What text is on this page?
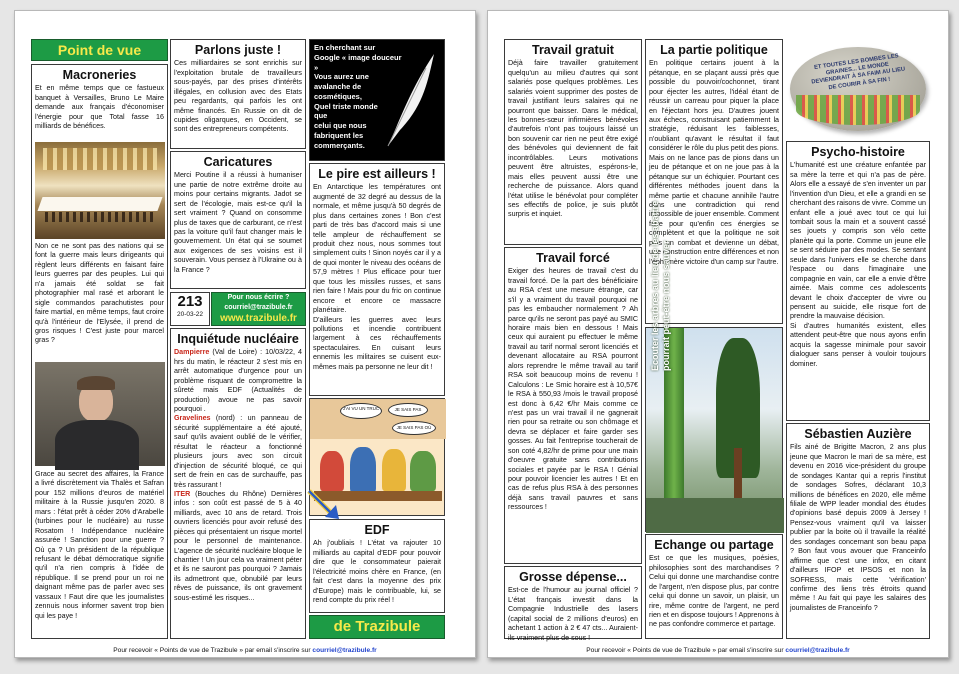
Point de vue
Macroneries
Et en même temps que ce fastueux banquet à Versailles, Bruno Le Maire demande aux français d'économiser l'énergie pour que Total fasse 16 milliards de bénéfices.
Non ce ne sont pas des nations qui se font la guerre mais leurs dirigeants qui règlent leurs différents en faisant faire leurs guerres par des peuples. Lui qui n'a jamais été soldat se fait photographier mal rasé et arborant le sigle commandos parachutistes pour faire martial, en même temps, faut croire qu'à l'intérieur de l'Elysée, il prend de gros risques ! C'est juste pour marcel gras ?
Grace au secret des affaires, la France a livré discrètement via Thalès et Safran pour 152 millions d'euros de matériel militaire à la Russie jusqu'en 2020. 8 mars : l'état prêt à céder 20% d'Arabelle (turbines pour le nucléaire) au russe Rosatom ! Indépendance nucléaire assurée ! Sanction pour une guerre ? Où ça ? Un président de la république refusant le débat démocratique signifie qu'il n'a rien compris à l'idée de république. Il se prend pour un roi ne daignant même pas de parler avec ses vassaux ! Faut dire que les journalistes zennuis nous informer savent trop bien qui les paye !
Parlons juste !
Ces milliardaires se sont enrichis sur l'exploitation brutale de travailleurs sous-payés, par des prises d'intérêts illégales, en collusion avec des Etats peu regardants, qui parfois les ont même financés. En Russie on dit de cupides oligarques, en Occident, se sont des entrepreneurs compétents.
En cherchant sur Google « image douceur »
Vous aurez une avalanche de cosmétiques,
Quel triste monde
que
celui que nous fabriquent les commerçants.
Caricatures
Merci Poutine il a réussi à humaniser une partie de notre extrême droite au moins pour certains migrants. Jadot se sert de l'écologie, mais est-ce qu'il la sert vraiment ? Quand on consomme plus de taxes que de carburant, ce n'est pas la voiture qu'il faut changer mais le gouvernement. Un état qui se soumet aux exigences de ses voisins est il souverain. Vous pensez à l'Ukraine ou à la France ?
Le pire est ailleurs !
En Antarctique les températures ont augmenté de 32 degré au dessus de la normale, et même jusqu'à 50 degrés de plus dans certaines zones ! Bon c'est parti de très bas d'accord mais si une telle ampleur de réchauffement se produit chez nous, nous sommes tout simplement cuits ! Sinon noyés car il y a de quoi monter le niveau des océans de 57,9 mètres ! Plus efficace pour tuer que tous les missiles russes, et sans rien faire ! Mais pour du fric on continue encore et encore ce massacre planétaire.
D'ailleurs les guerres avec leurs pollutions et incendie contribuent largement à ces réchauffements spectaculaires. En cuisant leurs ennemis les militaires se cuisent eux-mêmes mais pa personne ne leur dit !
213
20-03-22
Pour nous écrire ?
courriel@trazibule.fr
www.trazibule.fr
Inquiétude nucléaire
Dampierre (Val de Loire) : 10/03/22, 4 hrs du matin, le réacteur 2 s'est mis en arrêt automatique d'urgence pour un problème risquant de compromettre la sûreté mais EDF (Actualités de production) avoue ne pas savoir pourquoi .
Gravelines (nord) : un panneau de sécurité supplémentaire a été ajouté, sauf qu'ils avaient oublié de le vérifier, résultat le réacteur a fonctionné plusieurs jours avec son circuit d'injection de sécurité bloqué, ce qui sert de frein en cas de surchauffe, pas très rassurant !
ITER (Bouches du Rhône) Dernières infos : son coût est passé de 5 à 40 milliards, avec 10 ans de retard. Trois ouvriers licenciés pour avoir refusé des pièces qui présentaient un risque mortel pour le personnel de maintenance. L'agence de sécurité nucléaire bloque le chantier ! Un jour cela va vraiment péter et ils ne sauront pas pourquoi ? Jamais ils admettront que, obnubilé par leurs rêves de puissance, ils ont gravement sous-estimé les risques...
J'AI VU UN TRUC	JE SAIS PAS
JE SAIS PAS OÙ
EDF
Ah j'oubliais ! L'état va rajouter 10 milliards au capital d'EDF pour pouvoir dire que le consommateur paierait l'électricité moins chère en France, (en fait c'est dans la moyenne des prix d'Europe) mais le contribuable, lui, se rend compte du prix réel !
de Trazibule
Pour recevoir « Points de vue de Trazibule » par email s'inscrire sur courriel@trazibule.fr
Travail gratuit
Déjà faire travailler gratuitement quelqu'un au milieu d'autres qui sont salariés pose quelques problèmes. Les salariés voient supprimer des postes de travail justifiant leurs salaires qui ne pourront que baisser. Dans le médical, les bonnes-sœur infirmières bénévoles d'autrefois n'ont pas toujours laissé un bon souvenir car rien ne peut être exigé des bénévoles qui deviennent de fait incontrôlables. Leurs motivations peuvent être altruistes, espérons-le, mais elles peuvent aussi être une recherche de puissance. Alors quand l'état utilise le bénévolat pour compléter ses effectifs de police, je suis plutôt surpris et inquiet.
Travail forcé
Exiger des heures de travail c'est du travail forcé. De la part des bénéficiaire au RSA c'est une mesure étrange, car s'il y a vraiment du travail pourquoi ne pas les embaucher normalement ? Ah parce qu'ils ne seront pas payé au SMIC horaire mais bien en dessous ! Mais ceux qui auraient pu effectuer le même travail au tarif normal seront licenciés et devenant allocataire au RSA pourront alors reprendre le même travail au tarif RSA soit beaucoup moins de revenu ! Calculons : Le Smic horaire est à 10,57€ le RSA à 550,93 /mois le travail proposé est donc à 6,42 €/hr Mais comme ce n'est pas un vrai travail il ne gagnerait rien pour sa retraite ou son chômage et devra se déplacer et faire garder ses gosses. Au fait l'entreprise toucherait de son coté 4,82/hr de prime pour une main d'oeuvre gratuite sans contributions sociales et payée par le RSA ! Génial pour pouvoir licencier les autres ! Et en cas de refus plus RSA à des personnes déjà sans travail pauvres et sans ressources !
Grosse dépense...
Est-ce de l'humour au journal officiel ? L'état français investit dans la Compagnie Industrielle des lasers (capital social de 2 millions d'euros) en achetant 1 action à 2 € 47 cts... Auraient-ils vraiment plus de sous !
La partie politique
En politique certains jouent à la pétanque, en se plaçant aussi près que possible du pouvoir/cochonnet, tirant pour éjecter les autres, l'idéal étant de réussir un carreau pour piquer la place en l'éjectant hors jeu. D'autres jouent aux échecs, construisant patiemment la stratégie, réduisant les faiblesses, n'oubliant qu'avant le résultat il faut considérer le rôle du plus petit des pions.
Mais on ne lance pas de pions dans un jeu de pétanque et on ne joue pas à la pétanque sur un échiquier. Pourtant ces différentes méthodes jouent dans la même partie et chacune annihile l'autre dans une contradiction qui rend impossible de jouer ensemble. Comment faire pour qu'enfin ces énergies se complètent et que la politique ne soit plus un combat et devienne un débat, une construction entre différences et non l'éphémère victoire d'un camp sur l'autre.
Ecouter les arbres au lieu de les abattre pourrait peut-être nous sauver
Echange ou partage
Est ce que les musiques, poésies, philosophies sont des marchandises ? Celui qui donne une marchandise contre de l'argent, n'en dispose plus, par contre celui qui donne un savoir, un plaisir, un rire, même contre de l'argent, ne perd rien et en dispose toujours ! Apprenons à ne pas confondre commerce et partage.
ET TOUTES LES BOMBES LES GRAINES... LE MONDE DEVIENDRAIT À SA FAIM AU LIEU DE COURIR À SA FIN !
Psycho-histoire
L'humanité est une créature enfantée par sa mère la terre et qui n'a pas de père. Alors elle a essayé de s'en inventer un par l'invention d'un Dieu, et elle a grandi en se cherchant des raisons de vivre. Comme un enfant elle a joué avec tout ce qui lui tombait sous la main et a souvent cassé ses jouets y compris son vélo cette planète qui la porte. Comme un jeune elle se sent séduire par des modes. Se sentant seule dans l'univers elle se cherche dans l'espace ou dans l'imaginaire une compagnie en vain, car elle a envie d'être aimée. Mais comme ces adolescents devant le choix d'accepter de vivre ou pensent au suicide, elle risque fort de prendre la mauvaise décision.
Si d'autres humanités existent, elles attendent peut-être que nous ayons enfin acquis la sagesse minimale pour savoir dialoguer sans penser à vouloir toujours dominer.
Sébastien Auzière
Fils ainé de Brigitte Macron, 2 ans plus jeune que Macron le mari de sa mère, est devenu en 2016 vice-président du groupe de sondages Kantar qui a repris l'institut de sondages Sofres, déclarant 10,3 millions de bénéfices en 2020, elle même filiale de WPP leader mondial des études d'opinions basé depuis 2009 à Jersey ! Pensez-vous vraiment qu'il va laisser publier par la boite où il travaille la réalité des sondages concernant son beau papa ? Bon faut vous avouer que Franceinfo affirme que c'est une infox, en citant d'ailleurs IFOP et IPSOS et non la SOFRESS, mais cette 'vérification' confirme des liens très étroits quand même ! Au fait qui paye les salaires des journalistes de Franceinfo ?
Pour recevoir « Points de vue de Trazibule » par email s'inscrire sur courriel@trazibule.fr
